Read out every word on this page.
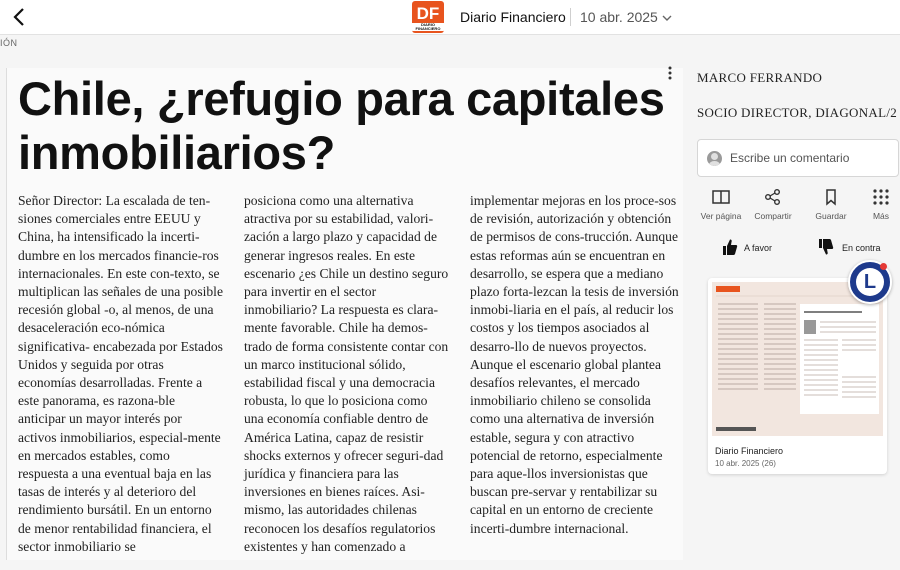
DF
DIARIO FINANCIERO
Diario Financiero 10 abr. 2025
IÓN
Chile, ¿refugio para capitales inmobiliarios?

Señor Director: La escalada de ten-siones comerciales entre EEUU y China, ha intensificado la incerti-dumbre en los mercados financie-ros internacionales. En este con-texto, se multiplican las señales de una posible recesión global -o, al menos, de una desaceleración eco-nómica significativa- encabezada por Estados Unidos y seguida por otras economías desarrolladas. Frente a este panorama, es razona-ble anticipar un mayor interés por activos inmobiliarios, especial-mente en mercados estables, como respuesta a una eventual baja en las tasas de interés y al deterioro del rendimiento bursátil. En un entorno de menor rentabilidad financiera, el sector inmobiliario se

posiciona como una alternativa atractiva por su estabilidad, valori-zación a largo plazo y capacidad de generar ingresos reales. En este escenario ¿es Chile un destino seguro para invertir en el sector inmobiliario? La respuesta es clara-mente favorable. Chile ha demos-trado de forma consistente contar con un marco institucional sólido, estabilidad fiscal y una democracia robusta, lo que lo posiciona como una economía confiable dentro de América Latina, capaz de resistir shocks externos y ofrecer seguri-dad jurídica y financiera para las inversiones en bienes raíces. Asi-mismo, las autoridades chilenas reconocen los desafíos regulatorios existentes y han comenzado a

implementar mejoras en los proce-sos de revisión, autorización y obtención de permisos de cons-trucción. Aunque estas reformas aún se encuentran en desarrollo, se espera que a mediano plazo forta-lezcan la tesis de inversión inmobi-liaria en el país, al reducir los costos y los tiempos asociados al desarro-llo de nuevos proyectos. Aunque el escenario global plantea desafíos relevantes, el mercado inmobiliario chileno se consolida como una alternativa de inversión estable, segura y con atractivo potencial de retorno, especialmente para aque-llos inversionistas que buscan pre-servar y rentabilizar su capital en un entorno de creciente incerti-dumbre internacional.

MARCO FERRANDO
SOCIO DIRECTOR, DIAGONAL/2
Escribe un comentario
Ver página	Compartir	Guardar	Más
A favor	En contra
Diario Financiero
10 abr. 2025 (26)
L
